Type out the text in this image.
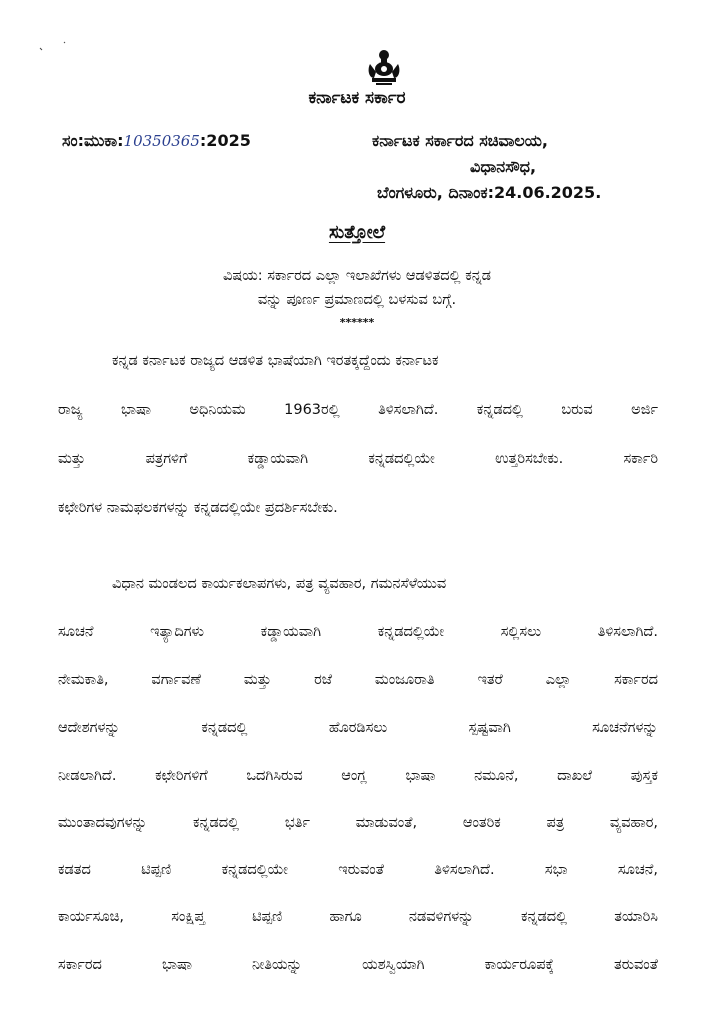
ಕರ್ನಾಟಕ ಸರ್ಕಾರ
ಸಂ:ಮುಕಾ:10350365:2025	ಕರ್ನಾಟಕ ಸರ್ಕಾರದ ಸಚಿವಾಲಯ,
ವಿಧಾನಸೌಧ,
ಬೆಂಗಳೂರು, ದಿನಾಂಕ:24.06.2025.
ಸುತ್ತೋಲೆ
ವಿಷಯ: ಸರ್ಕಾರದ ಎಲ್ಲಾ ಇಲಾಖೆಗಳು ಆಡಳಿತದಲ್ಲಿ ಕನ್ನಡ
ವನ್ನು ಪೂರ್ಣ ಪ್ರಮಾಣದಲ್ಲಿ ಬಳಸುವ ಬಗ್ಗೆ.
******
ಕನ್ನಡ ಕರ್ನಾಟಕ ರಾಜ್ಯದ ಆಡಳಿತ ಭಾಷೆಯಾಗಿ ಇರತಕ್ಕದ್ದೆಂದು ಕರ್ನಾಟಕ
ರಾಜ್ಯ ಭಾಷಾ ಅಧಿನಿಯಮ 1963ರಲ್ಲಿ ತಿಳಿಸಲಾಗಿದೆ. ಕನ್ನಡದಲ್ಲಿ ಬರುವ ಅರ್ಜಿ
ಮತ್ತು ಪತ್ರಗಳಿಗೆ ಕಡ್ಡಾಯವಾಗಿ ಕನ್ನಡದಲ್ಲಿಯೇ ಉತ್ತರಿಸಬೇಕು. ಸರ್ಕಾರಿ
ಕಛೇರಿಗಳ ನಾಮಫಲಕಗಳನ್ನು ಕನ್ನಡದಲ್ಲಿಯೇ ಪ್ರದರ್ಶಿಸಬೇಕು.
ವಿಧಾನ ಮಂಡಲದ ಕಾರ್ಯಕಲಾಪಗಳು, ಪತ್ರ ವ್ಯವಹಾರ, ಗಮನಸೆಳೆಯುವ
ಸೂಚನೆ ಇತ್ಯಾದಿಗಳು ಕಡ್ಡಾಯವಾಗಿ ಕನ್ನಡದಲ್ಲಿಯೇ ಸಲ್ಲಿಸಲು ತಿಳಿಸಲಾಗಿದೆ.
ನೇಮಕಾತಿ, ವರ್ಗಾವಣೆ ಮತ್ತು ರಜೆ ಮಂಜೂರಾತಿ ಇತರೆ ಎಲ್ಲಾ ಸರ್ಕಾರದ
ಆದೇಶಗಳನ್ನು ಕನ್ನಡದಲ್ಲಿ ಹೊರಡಿಸಲು ಸ್ಪಷ್ಟವಾಗಿ ಸೂಚನೆಗಳನ್ನು
ನೀಡಲಾಗಿದೆ. ಕಛೇರಿಗಳಿಗೆ ಒದಗಿಸಿರುವ ಆಂಗ್ಲ ಭಾಷಾ ನಮೂನೆ, ದಾಖಲೆ ಪುಸ್ತಕ
ಮುಂತಾದವುಗಳನ್ನು ಕನ್ನಡದಲ್ಲಿ ಭರ್ತಿ ಮಾಡುವಂತೆ, ಆಂತರಿಕ ಪತ್ರ ವ್ಯವಹಾರ,
ಕಡತದ ಟಿಪ್ಪಣಿ ಕನ್ನಡದಲ್ಲಿಯೇ ಇರುವಂತೆ ತಿಳಿಸಲಾಗಿದೆ. ಸಭಾ ಸೂಚನೆ,
ಕಾರ್ಯಸೂಚಿ, ಸಂಕ್ಷಿಪ್ತ ಟಿಪ್ಪಣಿ ಹಾಗೂ ನಡವಳಿಗಳನ್ನು ಕನ್ನಡದಲ್ಲಿ ತಯಾರಿಸಿ
ಸರ್ಕಾರದ ಭಾಷಾ ನೀತಿಯನ್ನು ಯಶಸ್ವಿಯಾಗಿ ಕಾರ್ಯರೂಪಕ್ಕೆ ತರುವಂತೆ
